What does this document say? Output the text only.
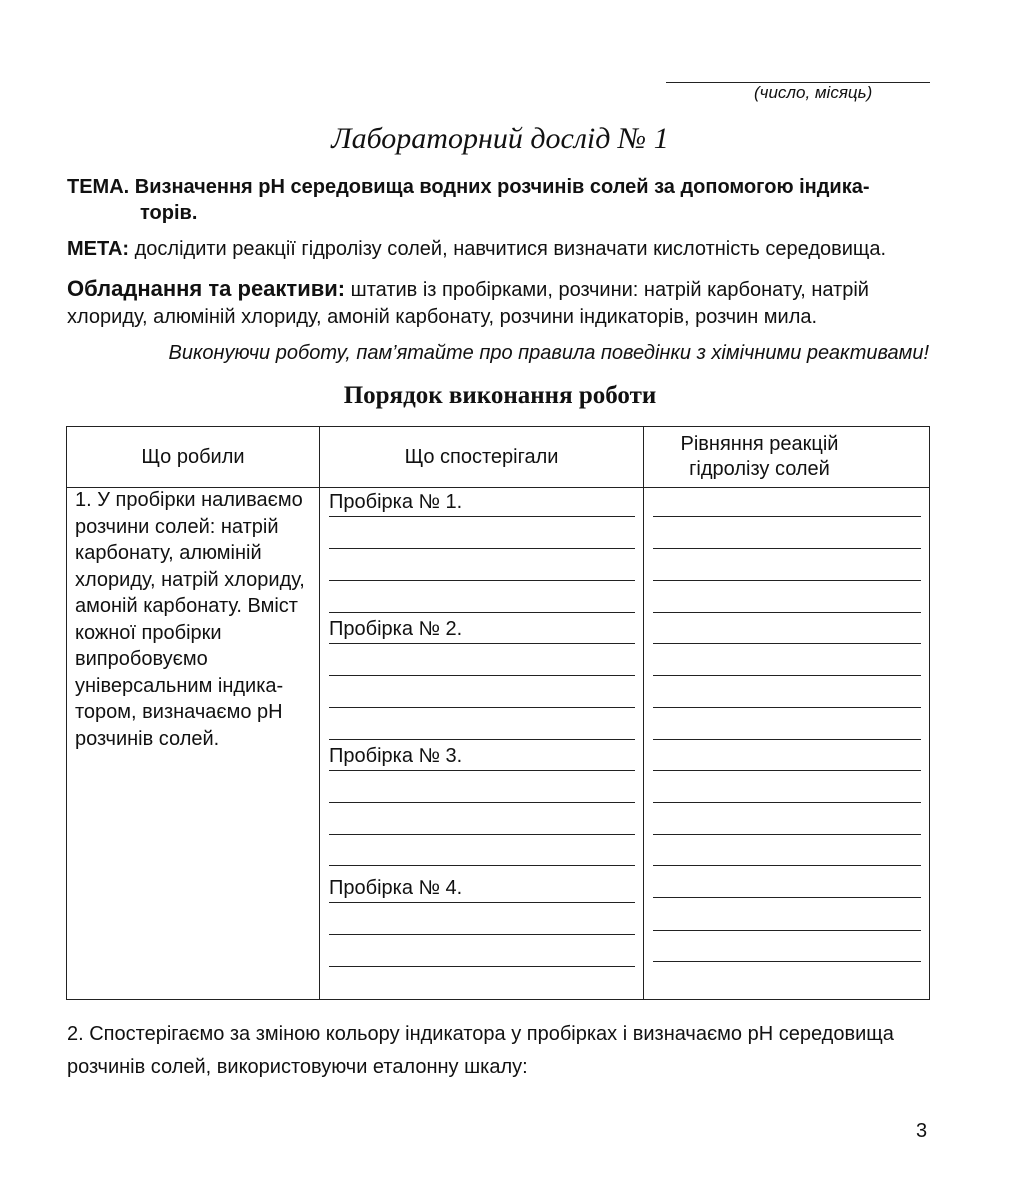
(число, місяць)
Лабораторний дослід № 1
ТЕМА. Визначення pH середовища водних розчинів солей за допомогою індика-
торів.
МЕТА: дослідити реакції гідролізу солей, навчитися визначати кислотність середовища.
Обладнання та реактиви: штатив із пробірками, розчини: натрій карбонату, натрій хлориду, алюміній хлориду, амоній карбонату, розчини індикаторів, розчин мила.
Виконуючи роботу, пам’ятайте про правила поведінки з хімічними реактивами!
Порядок виконання роботи
Що робили	Що спостерігали
Рівняння реакцій гідролізу солей
1. У пробірки наливаємо розчини солей: натрій карбонату, алюміній хлориду, натрій хлориду, амоній карбонату. Вміст кожної пробірки випробовуємо універсальним індикатором, визначаємо pH розчинів солей.
Пробірка № 1.
Пробірка № 2.
Пробірка № 3.
Пробірка № 4.
2. Спостерігаємо за зміною кольору індикатора у пробірках і визначаємо pH середовища розчинів солей, використовуючи еталонну шкалу:
3
